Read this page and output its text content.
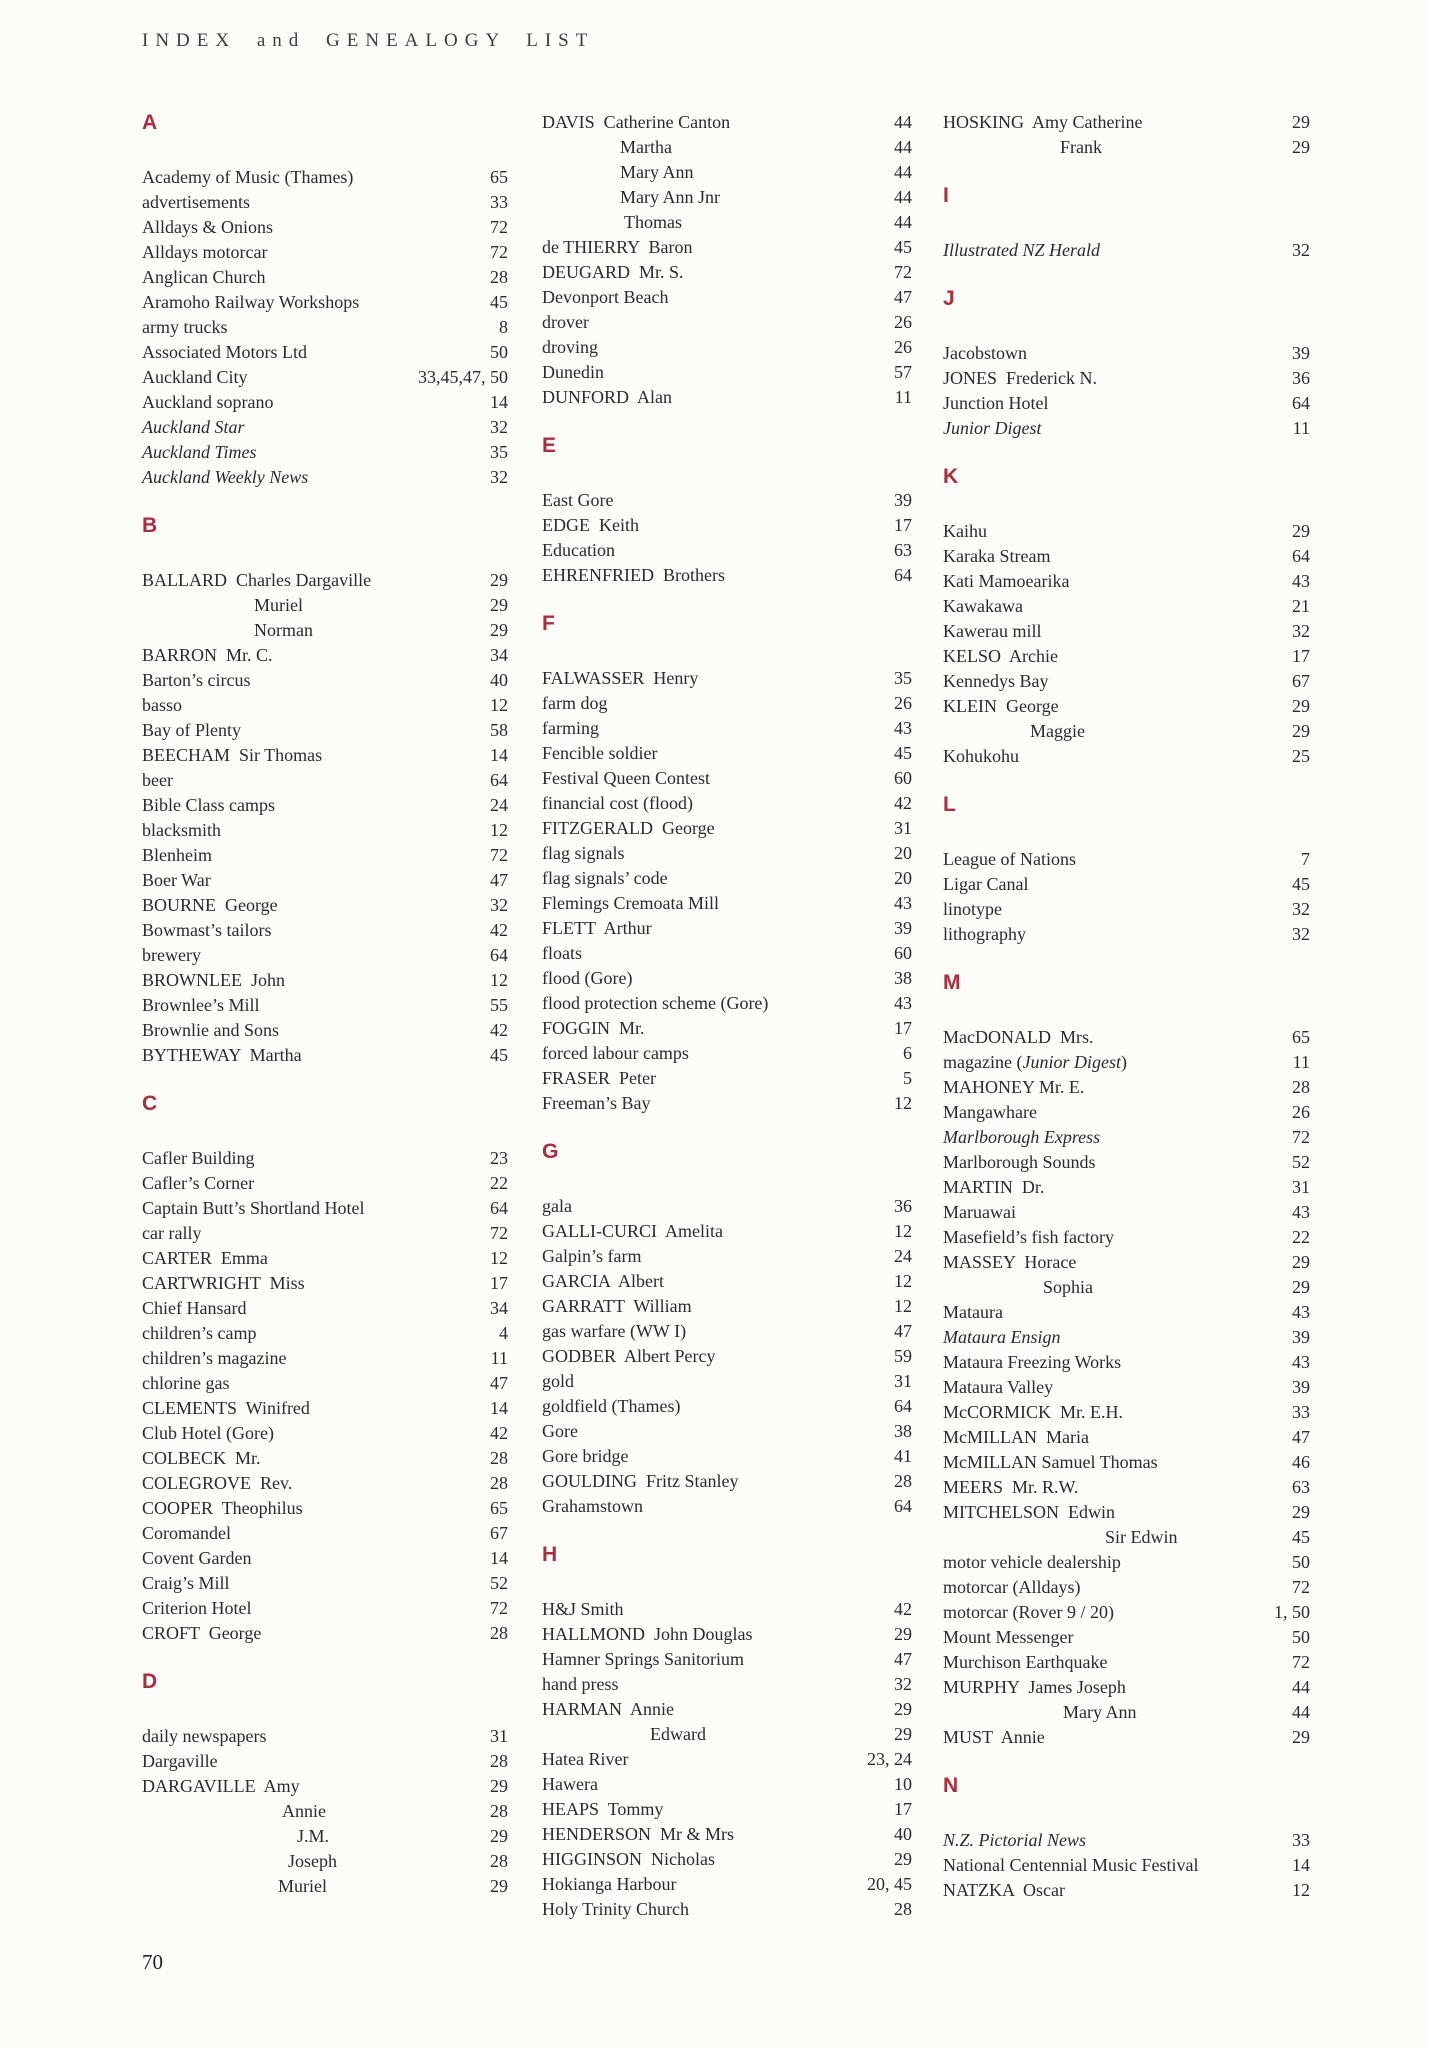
INDEX and GENEALOGY LIST
A
Academy of Music (Thames)	65
advertisements	33
Alldays & Onions	72
Alldays motorcar	72
Anglican Church	28
Aramoho Railway Workshops	45
army trucks	8
Associated Motors Ltd	50
Auckland City	33,45,47, 50
Auckland soprano	14
Auckland Star	32
Auckland Times	35
Auckland Weekly News	32
B
BALLARD  Charles Dargaville	29
Muriel	29
Norman	29
BARRON  Mr. C.	34
Barton’s circus	40
basso	12
Bay of Plenty	58
BEECHAM  Sir Thomas	14
beer	64
Bible Class camps	24
blacksmith	12
Blenheim	72
Boer War	47
BOURNE  George	32
Bowmast’s tailors	42
brewery	64
BROWNLEE  John	12
Brownlee’s Mill	55
Brownlie and Sons	42
BYTHEWAY  Martha	45
C
Cafler Building	23
Cafler’s Corner	22
Captain Butt’s Shortland Hotel	64
car rally	72
CARTER  Emma	12
CARTWRIGHT  Miss	17
Chief Hansard	34
children’s camp	4
children’s magazine	11
chlorine gas	47
CLEMENTS  Winifred	14
Club Hotel (Gore)	42
COLBECK  Mr.	28
COLEGROVE  Rev.	28
COOPER  Theophilus	65
Coromandel	67
Covent Garden	14
Craig’s Mill	52
Criterion Hotel	72
CROFT  George	28
D
daily newspapers	31
Dargaville	28
DARGAVILLE  Amy	29
Annie	28
J.M.	29
Joseph	28
Muriel	29
DAVIS  Catherine Canton	44
Martha	44
Mary Ann	44
Mary Ann Jnr	44
Thomas	44
de THIERRY  Baron	45
DEUGARD  Mr. S.	72
Devonport Beach	47
drover	26
droving	26
Dunedin	57
DUNFORD  Alan	11
E
East Gore	39
EDGE  Keith	17
Education	63
EHRENFRIED  Brothers	64
F
FALWASSER  Henry	35
farm dog	26
farming	43
Fencible soldier	45
Festival Queen Contest	60
financial cost (flood)	42
FITZGERALD  George	31
flag signals	20
flag signals’ code	20
Flemings Cremoata Mill	43
FLETT  Arthur	39
floats	60
flood (Gore)	38
flood protection scheme (Gore)	43
FOGGIN  Mr.	17
forced labour camps	6
FRASER  Peter	5
Freeman’s Bay	12
G
gala	36
GALLI-CURCI  Amelita	12
Galpin’s farm	24
GARCIA  Albert	12
GARRATT  William	12
gas warfare (WW I)	47
GODBER  Albert Percy	59
gold	31
goldfield (Thames)	64
Gore	38
Gore bridge	41
GOULDING  Fritz Stanley	28
Grahamstown	64
H
H&J Smith	42
HALLMOND  John Douglas	29
Hamner Springs Sanitorium	47
hand press	32
HARMAN  Annie	29
Edward	29
Hatea River	23, 24
Hawera	10
HEAPS  Tommy	17
HENDERSON  Mr & Mrs	40
HIGGINSON  Nicholas	29
Hokianga Harbour	20, 45
Holy Trinity Church	28
HOSKING  Amy Catherine	29
Frank	29
I
Illustrated NZ Herald	32
J
Jacobstown	39
JONES  Frederick N.	36
Junction Hotel	64
Junior Digest	11
K
Kaihu	29
Karaka Stream	64
Kati Mamoearika	43
Kawakawa	21
Kawerau mill	32
KELSO  Archie	17
Kennedys Bay	67
KLEIN  George	29
Maggie	29
Kohukohu	25
L
League of Nations	7
Ligar Canal	45
linotype	32
lithography	32
M
MacDONALD  Mrs.	65
magazine (Junior Digest)	11
MAHONEY Mr. E.	28
Mangawhare	26
Marlborough Express	72
Marlborough Sounds	52
MARTIN  Dr.	31
Maruawai	43
Masefield’s fish factory	22
MASSEY  Horace	29
Sophia	29
Mataura	43
Mataura Ensign	39
Mataura Freezing Works	43
Mataura Valley	39
McCORMICK  Mr. E.H.	33
McMILLAN  Maria	47
McMILLAN Samuel Thomas	46
MEERS  Mr. R.W.	63
MITCHELSON  Edwin	29
Sir Edwin	45
motor vehicle dealership	50
motorcar (Alldays)	72
motorcar (Rover 9 / 20)	1, 50
Mount Messenger	50
Murchison Earthquake	72
MURPHY  James Joseph	44
Mary Ann	44
MUST  Annie	29
N
N.Z. Pictorial News	33
National Centennial Music Festival	14
NATZKA  Oscar	12
70
